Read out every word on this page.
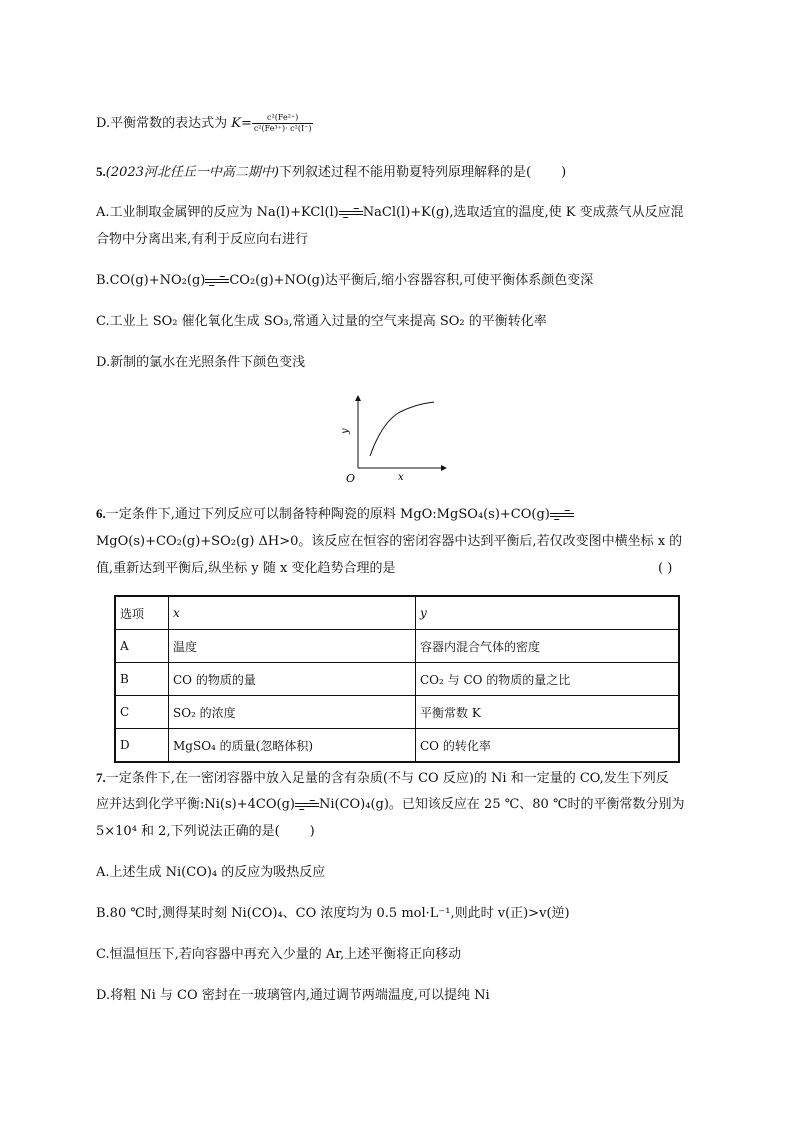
D.平衡常数的表达式为 $K= \frac{\text{c²(Fe²⁺)}}{\text{c²(Fe³⁺)· c²(I⁻)}}$
5.(2023河北任丘一中高二期中)下列叙述过程不能用勒夏特列原理解释的是( )
A.工业制取金属钾的反应为 Na(l)+KCl(l) NaCl(l)+K(g),选取适宜的温度,使 K 变成蒸气从反应混
合物中分离出来,有利于反应向右进行
B.CO(g)+NO₂(g) CO₂(g)+NO(g)达平衡后,缩小容器容积,可使平衡体系颜色变深
C.工业上 SO₂ 催化氧化生成 SO₃,常通入过量的空气来提高 SO₂ 的平衡转化率
D.新制的氯水在光照条件下颜色变浅
O	x
y
6.一定条件下,通过下列反应可以制备特种陶瓷的原料 MgO:MgSO₄(s)+CO(g)
MgO(s)+CO₂(g)+SO₂(g) ΔH>0。该反应在恒容的密闭容器中达到平衡后,若仅改变图中横坐标 x 的
值,重新达到平衡后,纵坐标 y 随 x 变化趋势合理的是	( )
选项	x	y
A	温度	容器内混合气体的密度
B	CO 的物质的量	CO₂ 与 CO 的物质的量之比
C	SO₂ 的浓度	平衡常数 K
D	MgSO₄ 的质量(忽略体积)	CO 的转化率
7.一定条件下,在一密闭容器中放入足量的含有杂质(不与 CO 反应)的 Ni 和一定量的 CO,发生下列反
应并达到化学平衡:Ni(s)+4CO(g) Ni(CO)₄(g)。已知该反应在 25 ℃、80 ℃时的平衡常数分别为
5×10⁴ 和 2,下列说法正确的是( )
A.上述生成 Ni(CO)₄ 的反应为吸热反应
B.80 ℃时,测得某时刻 Ni(CO)₄、CO 浓度均为 0.5 mol·L⁻¹,则此时 v(正)>v(逆)
C.恒温恒压下,若向容器中再充入少量的 Ar,上述平衡将正向移动
D.将粗 Ni 与 CO 密封在一玻璃管内,通过调节两端温度,可以提纯 Ni
